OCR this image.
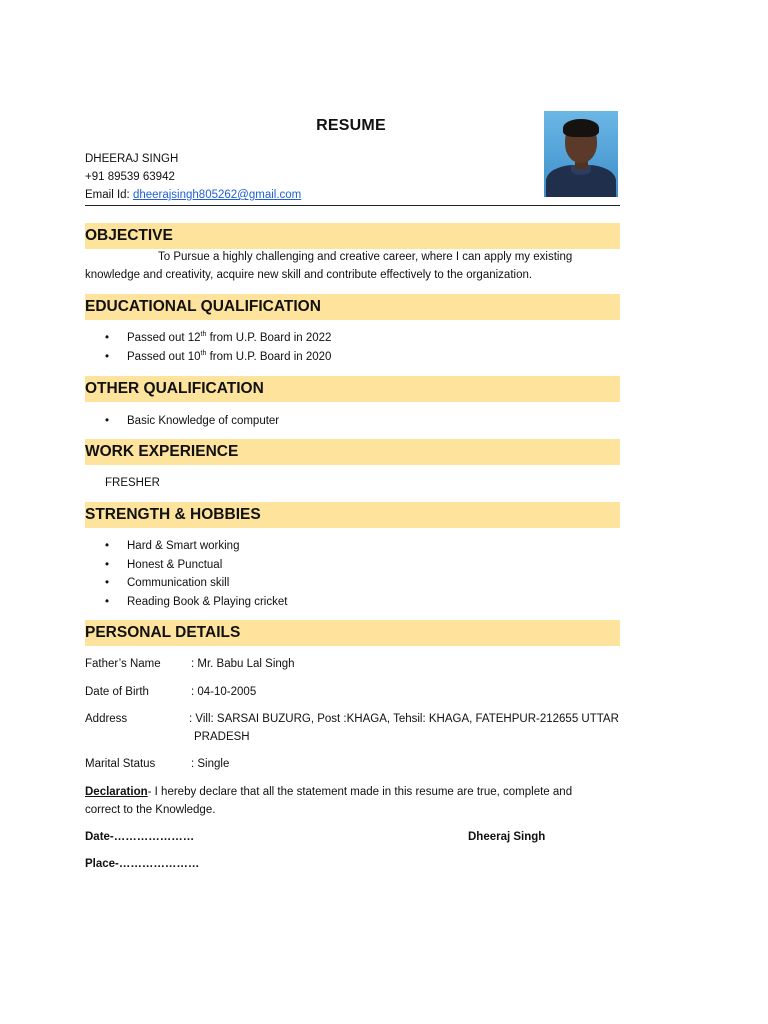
RESUME
DHEERAJ SINGH
+91 89539 63942
Email Id: dheerajsingh805262@gmail.com
OBJECTIVE
To Pursue a highly challenging and creative career, where I can apply my existing
knowledge and creativity, acquire new skill and contribute effectively to the organization.
EDUCATIONAL QUALIFICATION
• Passed out 12th from U.P. Board in 2022
• Passed out 10th from U.P. Board in 2020
OTHER QUALIFICATION
• Basic Knowledge of computer
WORK EXPERIENCE
FRESHER
STRENGTH & HOBBIES
• Hard & Smart working
• Honest & Punctual
• Communication skill
• Reading Book & Playing cricket
PERSONAL DETAILS
Father’s Name	: Mr. Babu Lal Singh
Date of Birth	: 04-10-2005
Address	: Vill: SARSAI BUZURG, Post :KHAGA, Tehsil: KHAGA, FATEHPUR-212655 UTTAR
PRADESH
Marital Status	: Single
Declaration- I hereby declare that all the statement made in this resume are true, complete and
correct to the Knowledge.
Date-…………………	Dheeraj Singh
Place-…………………
